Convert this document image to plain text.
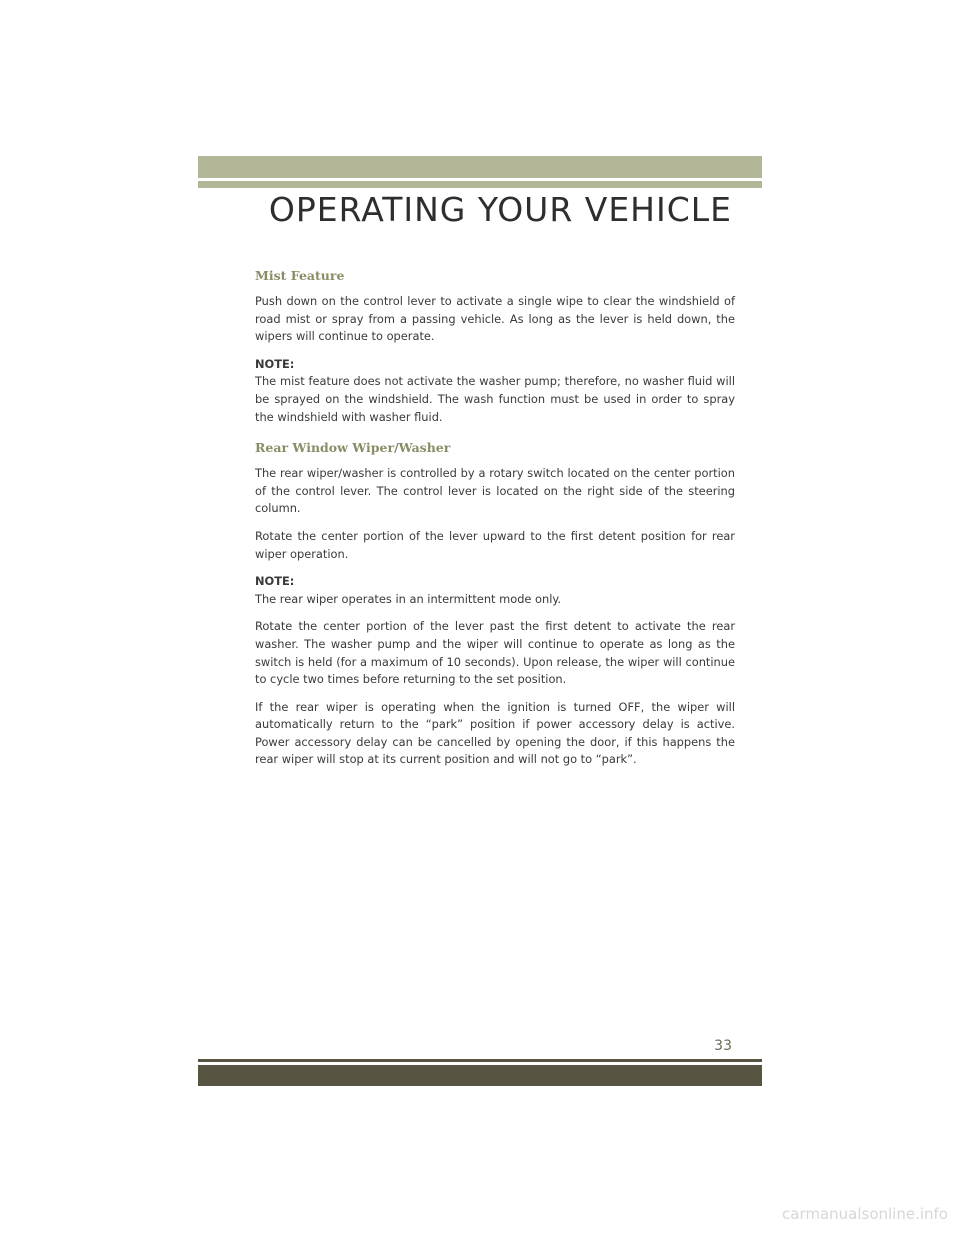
OPERATING YOUR VEHICLE
Mist Feature

Push down on the control lever to activate a single wipe to clear the windshield of road mist or spray from a passing vehicle. As long as the lever is held down, the wipers will continue to operate.

NOTE:
The mist feature does not activate the washer pump; therefore, no washer fluid will be sprayed on the windshield. The wash function must be used in order to spray the windshield with washer fluid.

Rear Window Wiper/Washer

The rear wiper/washer is controlled by a rotary switch located on the center portion of the control lever. The control lever is located on the right side of the steering column.

Rotate the center portion of the lever upward to the first detent position for rear wiper operation.

NOTE:
The rear wiper operates in an intermittent mode only.

Rotate the center portion of the lever past the first detent to activate the rear washer. The washer pump and the wiper will continue to operate as long as the switch is held (for a maximum of 10 seconds). Upon release, the wiper will continue to cycle two times before returning to the set position.

If the rear wiper is operating when the ignition is turned OFF, the wiper will automatically return to the “park” position if power accessory delay is active. Power accessory delay can be cancelled by opening the door, if this happens the rear wiper will stop at its current position and will not go to “park”.

33
carmanualsonline.info
